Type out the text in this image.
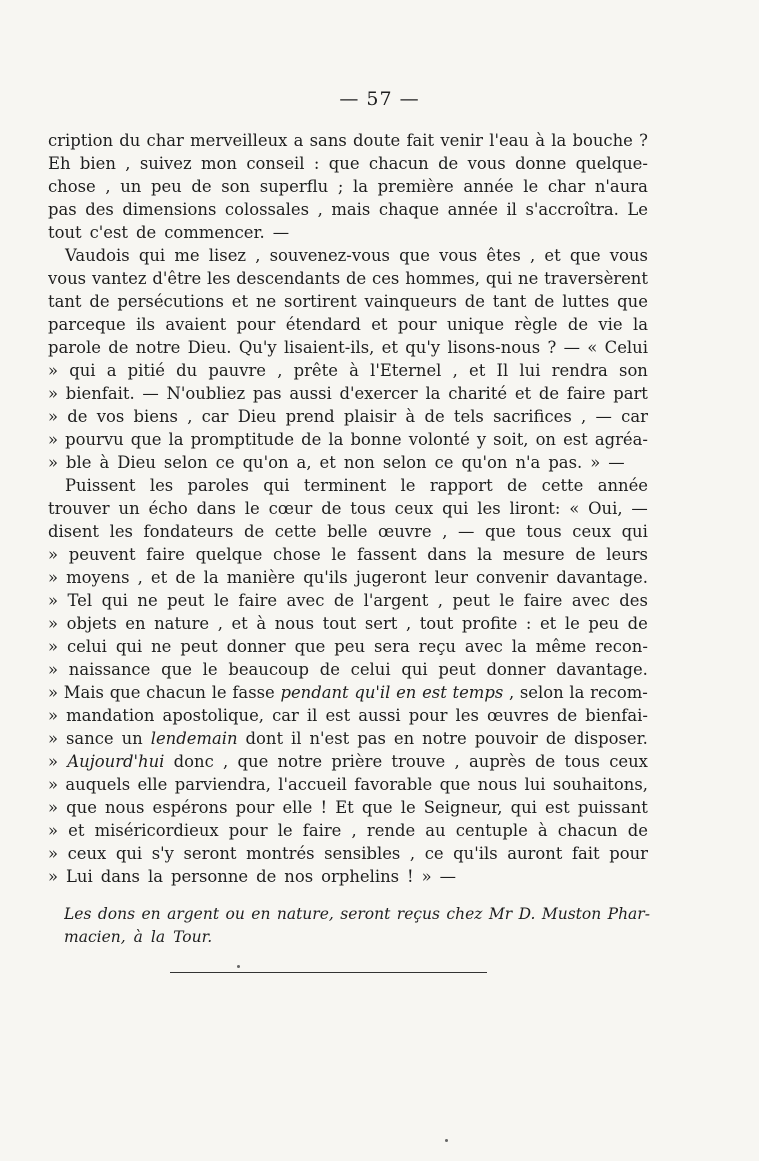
— 57 —
cription du char merveilleux a sans doute fait venir l'eau à la bouche ?
Eh bien , suivez mon conseil : que chacun de vous donne quelque-
chose , un peu de son superflu ; la première année le char n'aura
pas des dimensions colossales , mais chaque année il s'accroîtra. Le
tout c'est de commencer. —
Vaudois qui me lisez , souvenez-vous que vous êtes , et que vous
vous vantez d'être les descendants de ces hommes, qui ne traversèrent
tant de persécutions et ne sortirent vainqueurs de tant de luttes que
parceque ils avaient pour étendard et pour unique règle de vie la
parole de notre Dieu. Qu'y lisaient-ils, et qu'y lisons-nous ? — « Celui
» qui a pitié du pauvre , prête à l'Eternel , et Il lui rendra son
» bienfait. — N'oubliez pas aussi d'exercer la charité et de faire part
» de vos biens , car Dieu prend plaisir à de tels sacrifices , — car
» pourvu que la promptitude de la bonne volonté y soit, on est agréa-
» ble à Dieu selon ce qu'on a, et non selon ce qu'on n'a pas. » —
Puissent les paroles qui terminent le rapport de cette année
trouver un écho dans le cœur de tous ceux qui les liront: « Oui, —
disent les fondateurs de cette belle œuvre , — que tous ceux qui
» peuvent faire quelque chose le fassent dans la mesure de leurs
» moyens , et de la manière qu'ils jugeront leur convenir davantage.
» Tel qui ne peut le faire avec de l'argent , peut le faire avec des
» objets en nature , et à nous tout sert , tout profite : et le peu de
» celui qui ne peut donner que peu sera reçu avec la même recon-
» naissance que le beaucoup de celui qui peut donner davantage.
» Mais que chacun le fasse pendant qu'il en est temps , selon la recom-
» mandation apostolique, car il est aussi pour les œuvres de bienfai-
» sance un lendemain dont il n'est pas en notre pouvoir de disposer.
» Aujourd'hui donc , que notre prière trouve , auprès de tous ceux
» auquels elle parviendra, l'accueil favorable que nous lui souhaitons,
» que nous espérons pour elle ! Et que le Seigneur, qui est puissant
» et miséricordieux pour le faire , rende au centuple à chacun de
» ceux qui s'y seront montrés sensibles , ce qu'ils auront fait pour
» Lui dans la personne de nos orphelins ! » —
Les dons en argent ou en nature, seront reçus chez Mr D. Muston Phar-
macien, à la Tour.
